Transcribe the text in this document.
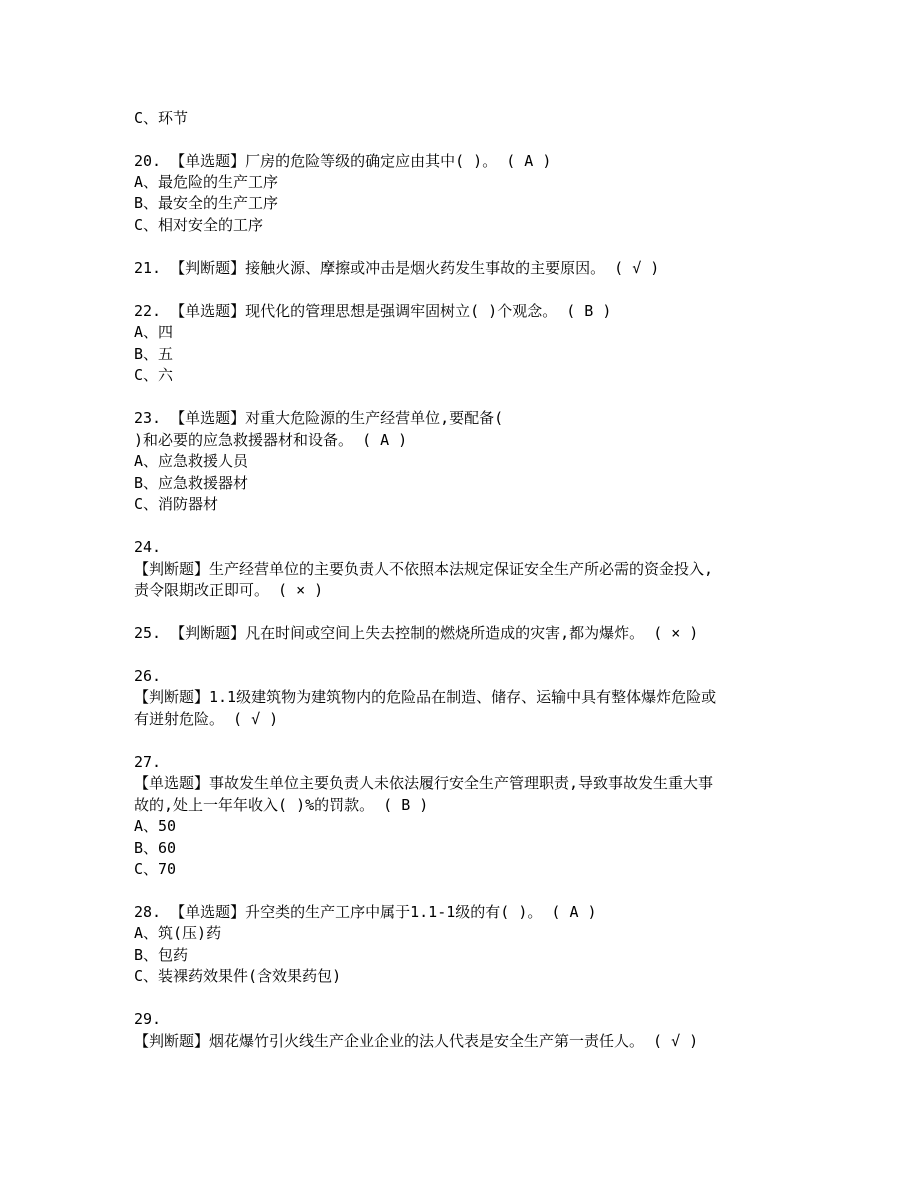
C、环节
20. 【单选题】厂房的危险等级的确定应由其中( )。 ( A )
A、最危险的生产工序
B、最安全的生产工序
C、相对安全的工序
21. 【判断题】接触火源、摩擦或冲击是烟火药发生事故的主要原因。 ( √ )
22. 【单选题】现代化的管理思想是强调牢固树立( )个观念。 ( B )
A、四
B、五
C、六
23. 【单选题】对重大危险源的生产经营单位,要配备(
)和必要的应急救援器材和设备。 ( A )
A、应急救援人员
B、应急救援器材
C、消防器材
24.
【判断题】生产经营单位的主要负责人不依照本法规定保证安全生产所必需的资金投入,
责令限期改正即可。 ( × )
25. 【判断题】凡在时间或空间上失去控制的燃烧所造成的灾害,都为爆炸。 ( × )
26.
【判断题】1.1级建筑物为建筑物内的危险品在制造、储存、运输中具有整体爆炸危险或
有迸射危险。 ( √ )
27.
【单选题】事故发生单位主要负责人未依法履行安全生产管理职责,导致事故发生重大事
故的,处上一年年收入( )%的罚款。 ( B )
A、50
B、60
C、70
28. 【单选题】升空类的生产工序中属于1.1-1级的有( )。 ( A )
A、筑(压)药
B、包药
C、装裸药效果件(含效果药包)
29.
【判断题】烟花爆竹引火线生产企业企业的法人代表是安全生产第一责任人。 ( √ )
